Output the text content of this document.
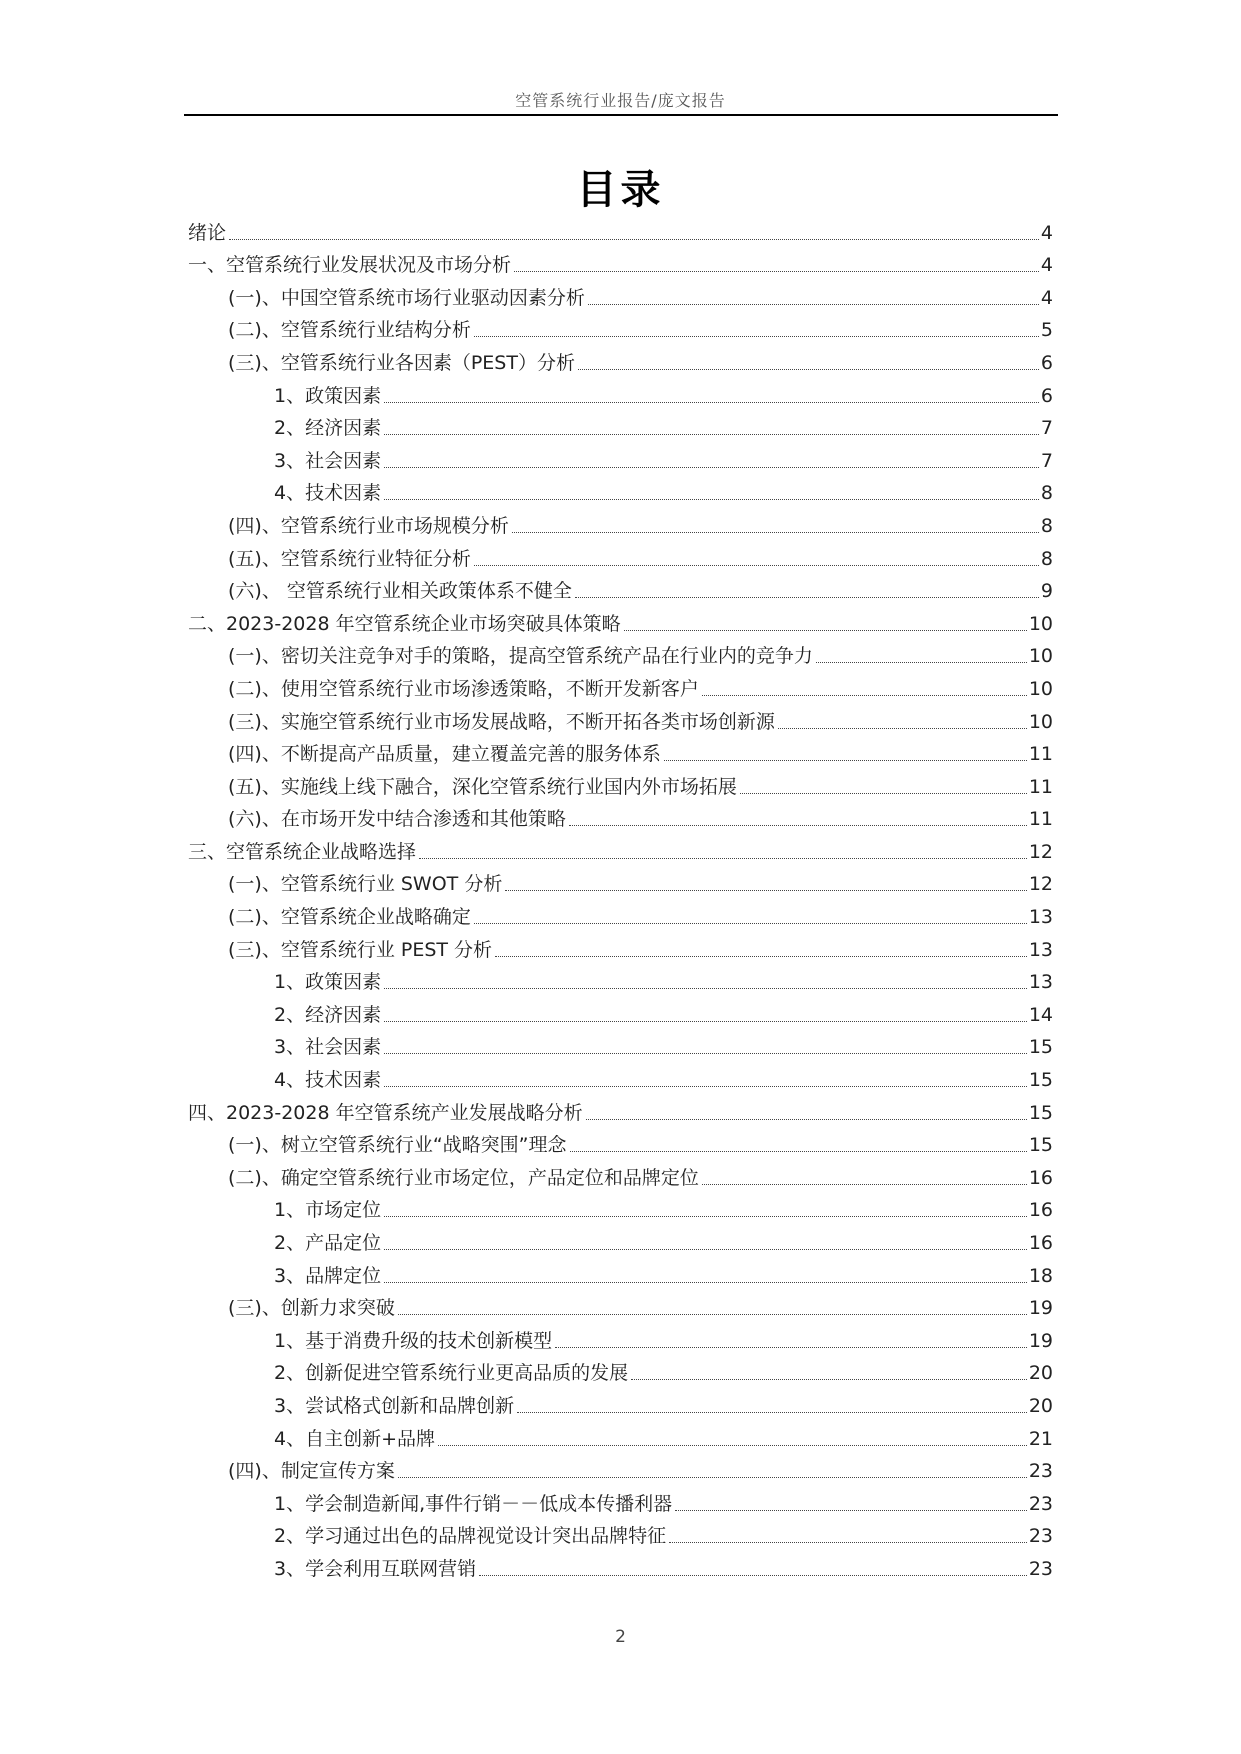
空管系统行业报告/庞文报告
目录
绪论	4
一、空管系统行业发展状况及市场分析	4
(一)、中国空管系统市场行业驱动因素分析	4
(二)、空管系统行业结构分析	5
(三)、空管系统行业各因素（PEST）分析	6
1、政策因素	6
2、经济因素	7
3、社会因素	7
4、技术因素	8
(四)、空管系统行业市场规模分析	8
(五)、空管系统行业特征分析	8
(六)、 空管系统行业相关政策体系不健全	9
二、2023-2028 年空管系统企业市场突破具体策略	10
(一)、密切关注竞争对手的策略，提高空管系统产品在行业内的竞争力	10
(二)、使用空管系统行业市场渗透策略，不断开发新客户	10
(三)、实施空管系统行业市场发展战略，不断开拓各类市场创新源	10
(四)、不断提高产品质量，建立覆盖完善的服务体系	11
(五)、实施线上线下融合，深化空管系统行业国内外市场拓展	11
(六)、在市场开发中结合渗透和其他策略	11
三、空管系统企业战略选择	12
(一)、空管系统行业 SWOT 分析	12
(二)、空管系统企业战略确定	13
(三)、空管系统行业 PEST 分析	13
1、政策因素	13
2、经济因素	14
3、社会因素	15
4、技术因素	15
四、2023-2028 年空管系统产业发展战略分析	15
(一)、树立空管系统行业“战略突围”理念	15
(二)、确定空管系统行业市场定位，产品定位和品牌定位	16
1、市场定位	16
2、产品定位	16
3、品牌定位	18
(三)、创新力求突破	19
1、基于消费升级的技术创新模型	19
2、创新促进空管系统行业更高品质的发展	20
3、尝试格式创新和品牌创新	20
4、自主创新+品牌	21
(四)、制定宣传方案	23
1、学会制造新闻,事件行销－－低成本传播利器	23
2、学习通过出色的品牌视觉设计突出品牌特征	23
3、学会利用互联网营销	23
2
